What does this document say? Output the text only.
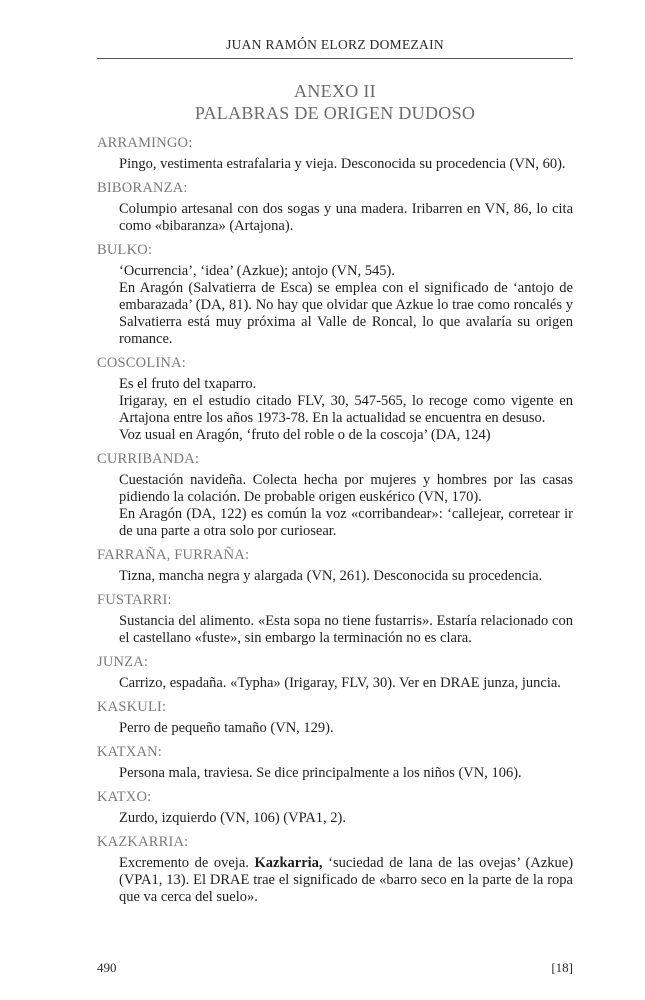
JUAN RAMÓN ELORZ DOMEZAIN
ANEXO II
PALABRAS DE ORIGEN DUDOSO
ARRAMINGO:

Pingo, vestimenta estrafalaria y vieja. Desconocida su procedencia (VN, 60).

BIBORANZA:

Columpio artesanal con dos sogas y una madera. Iribarren en VN, 86, lo cita como «bibaranza» (Artajona).

BULKO:

‘Ocurrencia’, ‘idea’ (Azkue); antojo (VN, 545).

En Aragón (Salvatierra de Esca) se emplea con el significado de ‘antojo de embarazada’ (DA, 81). No hay que olvidar que Azkue lo trae como roncalés y Salvatierra está muy próxima al Valle de Roncal, lo que avalaría su origen romance.

COSCOLINA:

Es el fruto del txaparro.

Irigaray, en el estudio citado FLV, 30, 547-565, lo recoge como vigente en Artajona entre los años 1973-78. En la actualidad se encuentra en desuso.

Voz usual en Aragón, ‘fruto del roble o de la coscoja’ (DA, 124)

CURRIBANDA:

Cuestación navideña. Colecta hecha por mujeres y hombres por las casas pidiendo la colación. De probable origen euskérico (VN, 170).

En Aragón (DA, 122) es común la voz «corribandear»: ‘callejear, corretear ir de una parte a otra solo por curiosear.

FARRAÑA, FURRAÑA:

Tizna, mancha negra y alargada (VN, 261). Desconocida su procedencia.

FUSTARRI:

Sustancia del alimento. «Esta sopa no tiene fustarris». Estaría relacionado con el castellano «fuste», sin embargo la terminación no es clara.

JUNZA:

Carrizo, espadaña. «Typha» (Irigaray, FLV, 30). Ver en DRAE junza, juncia.

KASKULI:

Perro de pequeño tamaño (VN, 129).

KATXAN:

Persona mala, traviesa. Se dice principalmente a los niños (VN, 106).

KATXO:

Zurdo, izquierdo (VN, 106) (VPA1, 2).

KAZKARRIA:

Excremento de oveja. Kazkarria, ‘suciedad de lana de las ovejas’ (Azkue) (VPA1, 13). El DRAE trae el significado de «barro seco en la parte de la ropa que va cerca del suelo».

490	[18]
